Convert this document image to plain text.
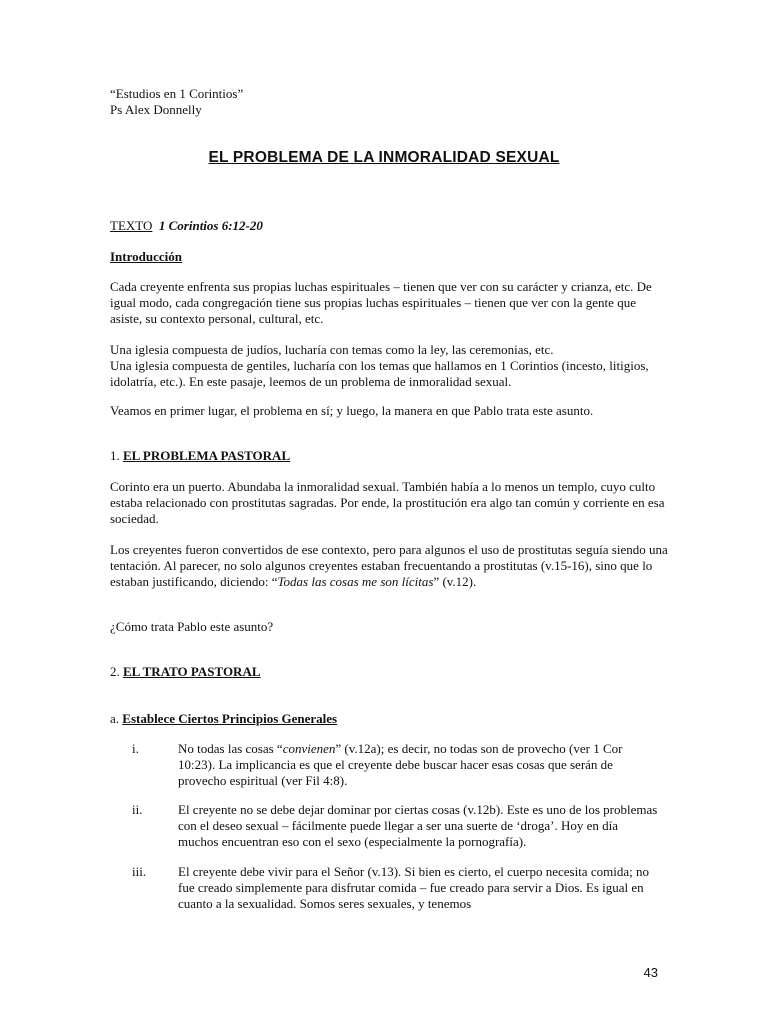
“Estudios en 1 Corintios”
Ps Alex Donnelly
EL PROBLEMA DE LA INMORALIDAD SEXUAL
TEXTO 1 Corintios 6:12-20
Introducción

Cada creyente enfrenta sus propias luchas espirituales – tienen que ver con su carácter y crianza, etc. De igual modo, cada congregación tiene sus propias luchas espirituales – tienen que ver con la gente que asiste, su contexto personal, cultural, etc.

Una iglesia compuesta de judíos, lucharía con temas como la ley, las ceremonias, etc.
Una iglesia compuesta de gentiles, lucharía con los temas que hallamos en 1 Corintios (incesto, litigios, idolatría, etc.). En este pasaje, leemos de un problema de inmoralidad sexual.

Veamos en primer lugar, el problema en sí; y luego, la manera en que Pablo trata este asunto.

1. EL PROBLEMA PASTORAL

Corinto era un puerto. Abundaba la inmoralidad sexual. También había a lo menos un templo, cuyo culto estaba relacionado con prostitutas sagradas. Por ende, la prostitución era algo tan común y corriente en esa sociedad.

Los creyentes fueron convertidos de ese contexto, pero para algunos el uso de prostitutas seguía siendo una tentación. Al parecer, no solo algunos creyentes estaban frecuentando a prostitutas (v.15-16), sino que lo estaban justificando, diciendo: “Todas las cosas me son lícitas” (v.12).

¿Cómo trata Pablo este asunto?

2. EL TRATO PASTORAL
a. Establece Ciertos Principios Generales
i.	No todas las cosas “convienen” (v.12a); es decir, no todas son de provecho (ver 1 Cor 10:23). La implicancia es que el creyente debe buscar hacer esas cosas que serán de provecho espiritual (ver Fil 4:8).
ii.	El creyente no se debe dejar dominar por ciertas cosas (v.12b). Este es uno de los problemas con el deseo sexual – fácilmente puede llegar a ser una suerte de ‘droga’. Hoy en día muchos encuentran eso con el sexo (especialmente la pornografía).
iii.	El creyente debe vivir para el Señor (v.13). Si bien es cierto, el cuerpo necesita comida; no fue creado simplemente para disfrutar comida – fue creado para servir a Dios. Es igual en cuanto a la sexualidad. Somos seres sexuales, y tenemos
43
